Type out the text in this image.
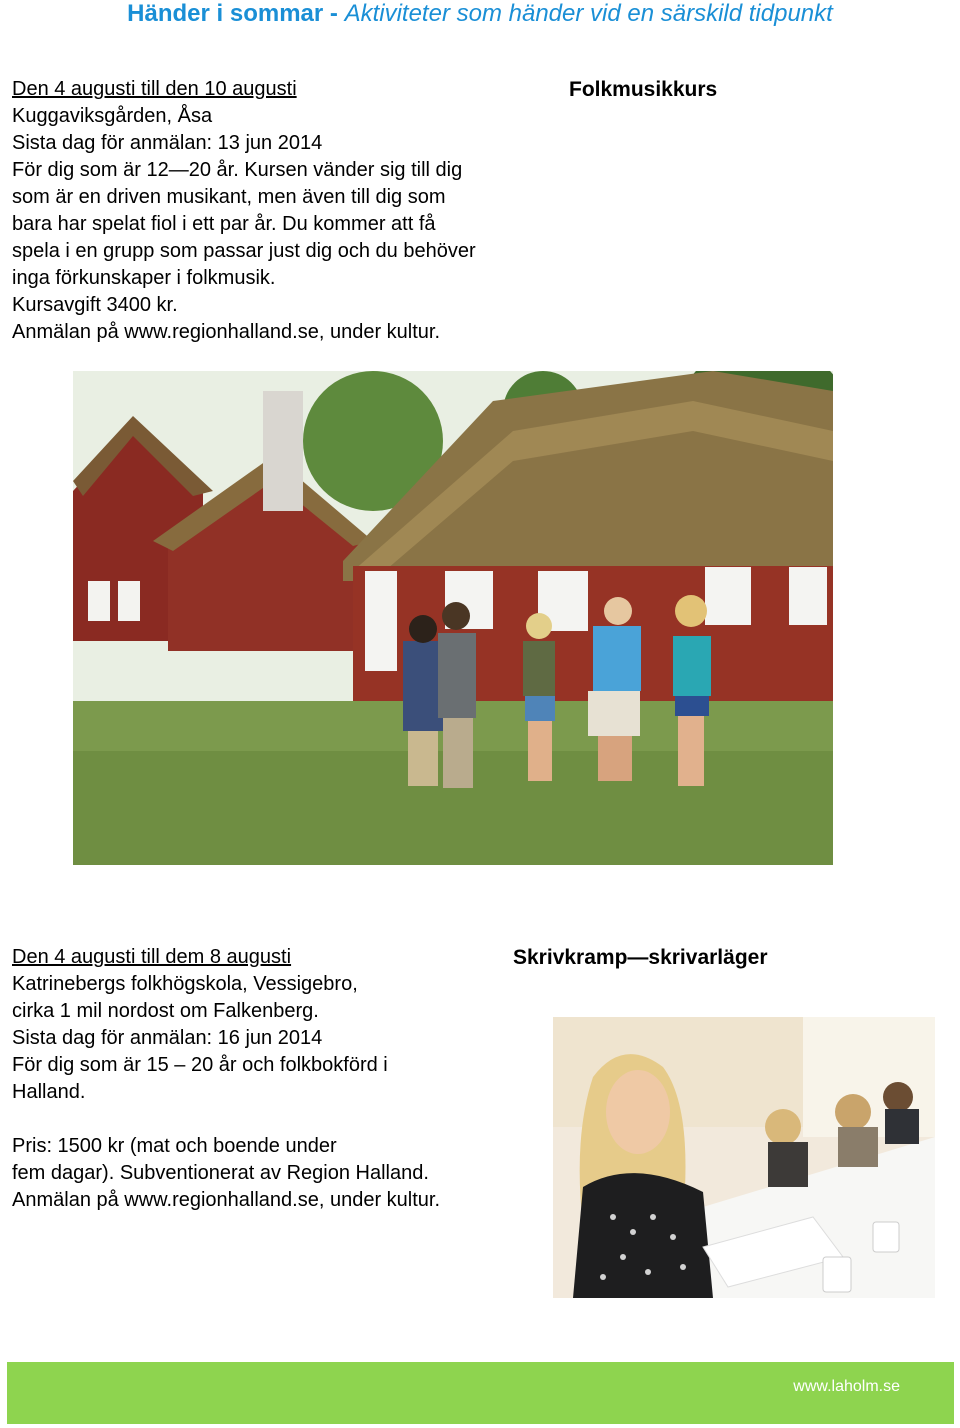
Händer i sommar - Aktiviteter som händer vid en särskild tidpunkt
Folkmusikkurs
Den 4 augusti till den 10 augusti
Kuggaviksgården, Åsa
Sista dag för anmälan: 13 jun 2014
För dig som är 12—20 år. Kursen vänder sig till dig
som är en driven musikant, men även till dig som
bara har spelat fiol i ett par år. Du kommer att få
spela i en grupp som passar just dig och du behöver
inga förkunskaper i folkmusik.
Kursavgift 3400 kr.
Anmälan på www.regionhalland.se, under kultur.
Skrivkramp—skrivarläger
Den 4 augusti till dem 8 augusti
Katrinebergs folkhögskola, Vessigebro,
cirka 1 mil nordost om Falkenberg.
Sista dag för anmälan: 16 jun 2014
För dig som är 15 – 20 år och folkbokförd i
Halland.
Pris: 1500 kr (mat och boende under
fem dagar). Subventionerat av Region Halland.
Anmälan på www.regionhalland.se, under kultur.
www.laholm.se
